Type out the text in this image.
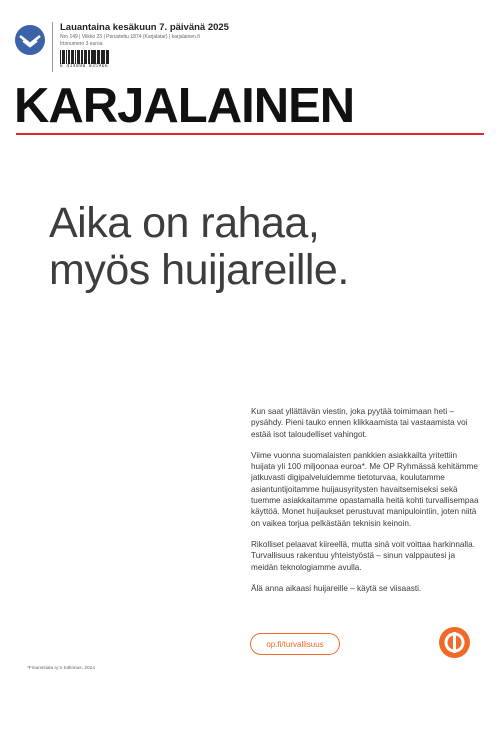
Lauantaina kesäkuun 7. päivänä 2025
Nro 149 | Viikko 23 | Perustettu 1874 (Karjalatar) | karjalainen.fi
Irtonumero 3 euroa
6 414880 035966
KARJALAINEN
Aika on rahaa,
myös huijareille.

Kun saat yllättävän viestin, joka pyytää toimimaan heti – pysähdy. Pieni tauko ennen klikkaamista tai vastaamista voi estää isot taloudelliset vahingot.

Viime vuonna suomalaisten pankkien asiakkailta yritettiin huijata yli 100 miljoonaa euroa*. Me OP Ryhmässä kehitämme jatkuvasti digipalveluidemme tietoturvaa, koulutamme asiantuntijoitamme huijausyritysten havaitsemiseksi sekä tuemme asiakkaitamme opastamalla heitä kohti turvallisempaa käyttöä. Monet huijaukset perustuvat manipulointiin, joten niitä on vaikea torjua pelkästään teknisin keinoin.

Rikolliset pelaavat kiireellä, mutta sinä voit voittaa harkinnalla. Turvallisuus rakentuu yhteistyöstä – sinun valppautesi ja meidän teknologiamme avulla.

Älä anna aikaasi huijareille – käytä se viisaasti.

op.fi/turvallisuus
*Finanssiala ry:n tutkimus, 2024
